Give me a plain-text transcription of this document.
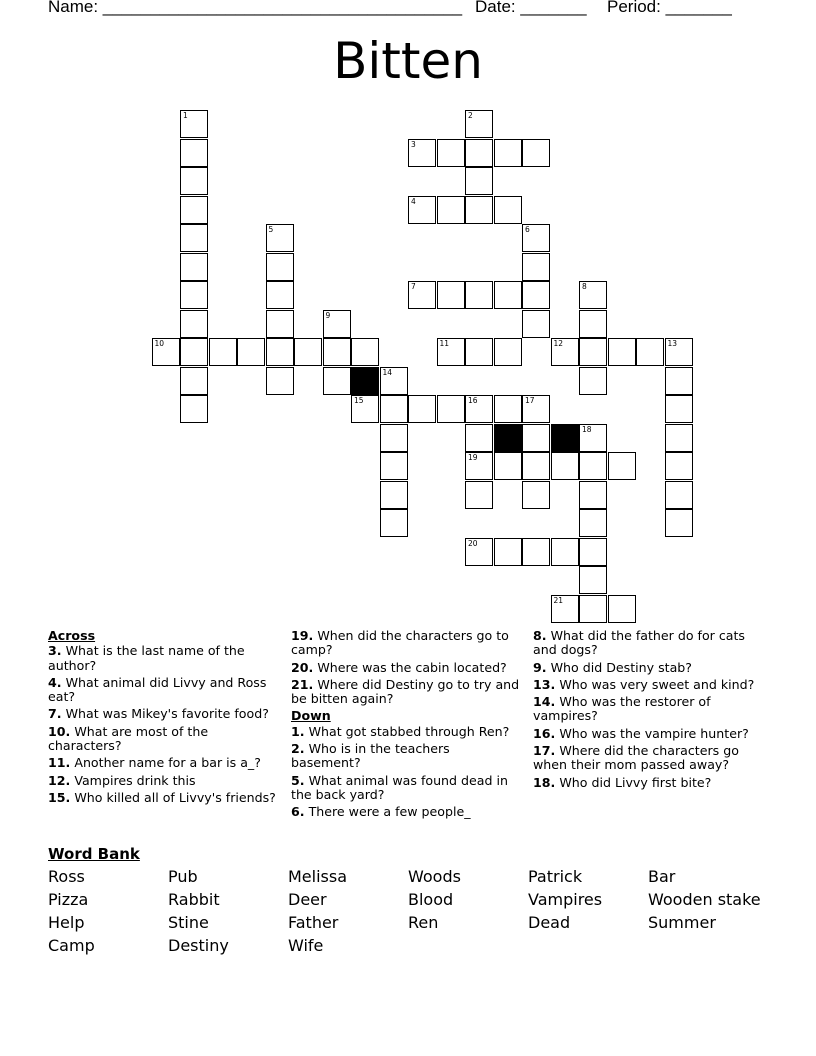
Name: ______________________________________ Date: _______ Period: _______
Bitten
1	2
3
4
5	6
7	8
9
10	11	12	13
14
15	16	17
19
18
20
21
Across
3. What is the last name of the author?
4. What animal did Livvy and Ross eat?
7. What was Mikey's favorite food?
10. What are most of the characters?
11. Another name for a bar is a_?
12. Vampires drink this
15. Who killed all of Livvy's friends?
19. When did the characters go to camp?
20. Where was the cabin located?
21. Where did Destiny go to try and be bitten again?
Down
1. What got stabbed through Ren?
2. Who is in the teachers basement?
5. What animal was found dead in the back yard?
6. There were a few people_
8. What did the father do for cats and dogs?
9. Who did Destiny stab?
13. Who was very sweet and kind?
14. Who was the restorer of vampires?
16. Who was the vampire hunter?
17. Where did the characters go when their mom passed away?
18. Who did Livvy first bite?
Word Bank
Ross	Pub	Melissa	Woods	Patrick	Bar
Pizza	Rabbit	Deer	Blood	Vampires	Wooden stake
Help	Stine	Father	Ren	Dead	Summer
Camp	Destiny	Wife
